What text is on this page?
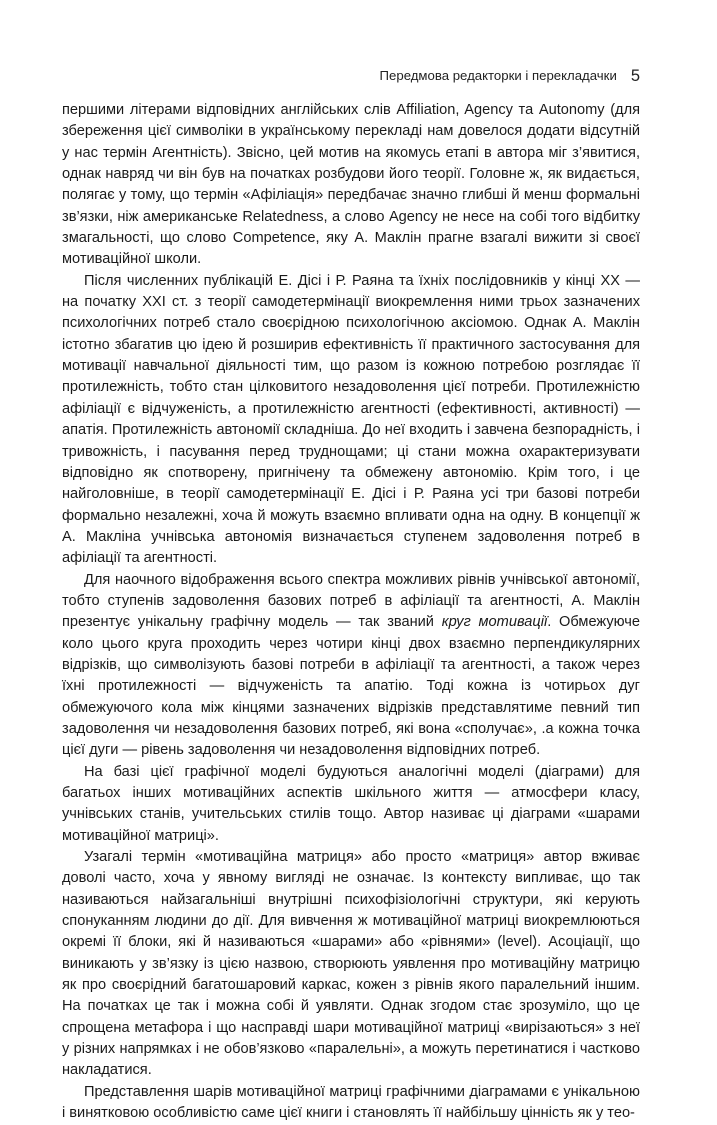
Передмова редакторки і перекладачки 5

першими літерами відповідних англійських слів Affiliation, Agency та Autonomy (для збереження цієї символіки в українському перекладі нам довелося додати відсутній у нас термін Агентність). Звісно, цей мотив на якомусь етапі в автора міг з’явитися, однак навряд чи він був на початках розбудови його теорії. Головне ж, як видається, полягає у тому, що термін «Афіліація» передбачає значно глибші й менш формальні зв’язки, ніж американське Relatedness, а слово Agency не несе на собі того відбитку змагальності, що слово Competence, яку А. Маклін прагне взагалі вижити зі своєї мотиваційної школи.

Після численних публікацій Е. Дісі і Р. Раяна та їхніх послідовників у кінці XX — на початку XXI ст. з теорії самодетермінації виокремлення ними трьох зазначених психологічних потреб стало своєрідною психологічною аксіомою. Однак А. Маклін істотно збагатив цю ідею й розширив ефективність її практичного застосування для мотивації навчальної діяльності тим, що разом із кожною потребою розглядає її протилежність, тобто стан цілковитого незадоволення цієї потреби. Протилежністю афіліації є відчуженість, а протилежністю агентності (ефективності, активності) — апатія. Протилежність автономії складніша. До неї входить і завчена безпорадність, і тривожність, і пасування перед труднощами; ці стани можна охарактеризувати відповідно як спотворену, пригнічену та обмежену автономію. Крім того, і це найголовніше, в теорії самодетермінації Е. Дісі і Р. Раяна усі три базові потреби формально незалежні, хоча й можуть взаємно впливати одна на одну. В концепції ж А. Макліна учнівська автономія визначається ступенем задоволення потреб в афіліації та агентності.

Для наочного відображення всього спектра можливих рівнів учнівської автономії, тобто ступенів задоволення базових потреб в афіліації та агентності, А. Маклін презентує унікальну графічну модель — так званий круг мотивації. Обмежуюче коло цього круга проходить через чотири кінці двох взаємно перпендикулярних відрізків, що символізують базові потреби в афіліації та агентності, а також через їхні протилежності — відчуженість та апатію. Тоді кожна із чотирьох дуг обмежуючого кола між кінцями зазначених відрізків представлятиме певний тип задоволення чи незадоволення базових потреб, які вона «сполучає», .а кожна точка цієї дуги — рівень задоволення чи незадоволення відповідних потреб.

На базі цієї графічної моделі будуються аналогічні моделі (діаграми) для багатьох інших мотиваційних аспектів шкільного життя — атмосфери класу, учнівських станів, учительських стилів тощо. Автор називає ці діаграми «шарами мотиваційної матриці».

Узагалі термін «мотиваційна матриця» або просто «матриця» автор вживає доволі часто, хоча у явному вигляді не означає. Із контексту випливає, що так називаються найзагальніші внутрішні психофізіологічні структури, які керують спонуканням людини до дії. Для вивчення ж мотиваційної матриці виокремлюються окремі її блоки, які й називаються «шарами» або «рівнями» (level). Асоціації, що виникають у зв’язку із цією назвою, створюють уявлення про мотиваційну матрицю як про своєрідний багатошаровий каркас, кожен з рівнів якого паралельний іншим. На початках це так і можна собі й уявляти. Однак згодом стає зрозуміло, що це спрощена метафора і що насправді шари мотиваційної матриці «вирізаються» з неї у різних напрямках і не обов’язково «паралельні», а можуть перетинатися і частково накладатися.

Представлення шарів мотиваційної матриці графічними діаграмами є унікальною і винятковою особливістю саме цієї книги і становлять її найбільшу цінність як у тео-
